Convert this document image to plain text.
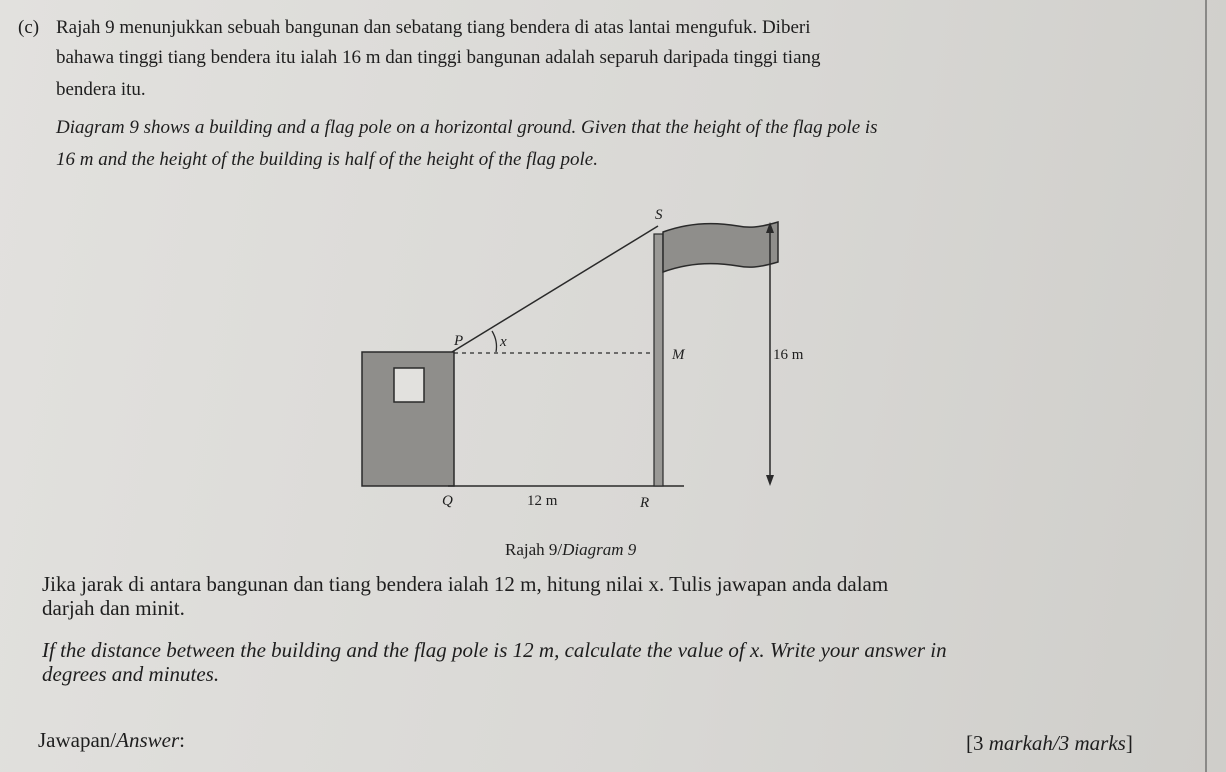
(c) Rajah 9 menunjukkan sebuah bangunan dan sebatang tiang bendera di atas lantai mengufuk. Diberi
bahawa tinggi tiang bendera itu ialah 16 m dan tinggi bangunan adalah separuh daripada tinggi tiang
bendera itu.
Diagram 9 shows a building and a flag pole on a horizontal ground. Given that the height of the flag pole is
16 m and the height of the building is half of the height of the flag pole.
S
P x
M	16 m
Q	12 m	R
Rajah 9/Diagram 9
Jika jarak di antara bangunan dan tiang bendera ialah 12 m, hitung nilai x. Tulis jawapan anda dalam
darjah dan minit.
If the distance between the building and the flag pole is 12 m, calculate the value of x. Write your answer in
degrees and minutes.
Jawapan/Answer:	[3 markah/3 marks]
